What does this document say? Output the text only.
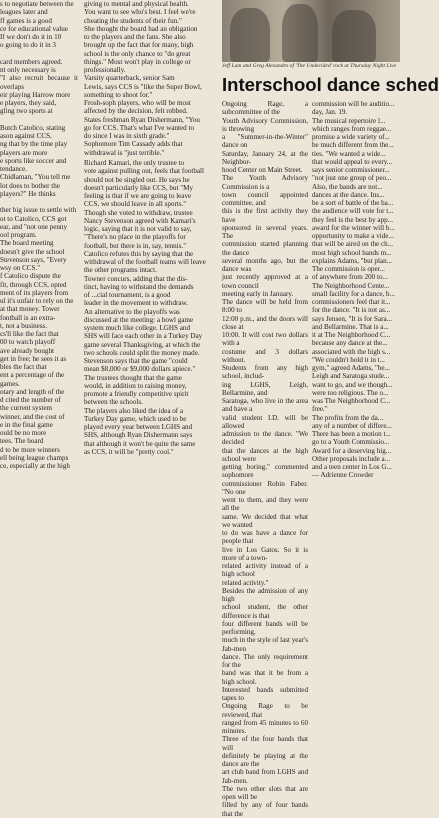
s to negotiate between the

leagues later and

ff games is a good

ce for educational value

If we don't do it in 10

o going to do it in 3

card members agreed.

nt only necessary is

"I also recruit because it overlaps

eir playing Harrow more

e players, they said,

gling two sports at

Butch Catolico, stating

ason against CCS,

ng that by the time play

players are more

e sports like soccer and

tendance.

Chidlaman, "You tell me

lot does to bother the

players?" He thinks

ther big issue to settle with

ot to Catolico, CCS got

ear, and "not one penny

ool program.

The board meeting

doesn't give the school

Stevenson says, "Every

wsy on CCS."

f Catolico dispute the

fit, through CCS, opted

ment of its players from

ul it's unfair to rely on the

at that money. Tower

fontball is an extra-

t, not a business.

cs'll like the fact that

00 to watch playoff

ave already bought

get in free; he sees it as

bles the fact that

ent a percentage of the

games.

otary and length of the

d cited the number of

the current system

winner, and the cost of

e in the final game

ould be no more

tees. The board

d to be more winners

ell being league champs

ce, especially at the high

giving to mental and physical health.

You want to see who's best. I feel we're

cheating the students of their fun."

She thought the board had an obligation

to the players and the fans. She also

brought up the fact that for many, high

school is the only chance to "do great

things." Most won't play in college or

professionally.

Varsity quarterback, senior Sam

Lewis, says CCS is "like the Super Bowl,

something to shoot for."

Frosh-soph players, who will be most

affected by the decision, felt robbed.

States freshman Ryan Dishermann, "You

go for CCS. That's what I've wanted to

do since I was in sixth grade."

Sophomore Tim Cassady adds that

withdrawal is "just terrible."

Richard Kamari, the only trustee to

vote against pulling out, feels that football

should not be singled out. He says he

doesn't particularly like CCS, but "My

feeling is that if we are going to leave

CCS, we should leave in all sports."

Though she voted to withdraw, trustee

Nancy Stevenson agreed with Kamari's

logic, saying that it is not valid to say,

"There's no place in the playoffs for

football, but there is in, say, tennis."

Catolico refutes this by saying that the

withdrawal of the football teams will leave

the other programs intact.

Towner concurs, adding that the dis-

tinct, having to withstand the demands

of ...cial tournament, is a good

leader in the movement to withdraw.

An alternative to the playoffs was

discussed at the meeting: a bowl game

system much like college. LGHS and

SHS will face each other in a Turkey Day

game several Thanksgiving, at which the

two schools could split the money made.

Stevenson says that the game "could

mean $8,000 or $9,000 dollars apiece."

The trustees thought that the game

would, in addition to raising money,

promote a friendly competitive spirit

between the schools.

The players also liked the idea of a

Turkey Day game, which used to be

played every year between LGHS and

SHS, although Ryan Dishermann says

that although it won't be quite the same

as CCS, it will be "pretty cool."

Jeff Lam and Greg Alexandro of 'The Undecided' rock at Thursday Night Live
Interschool dance sched

Ongoing Rage, a subcommittee of the

Youth Advisory Commission, is throwing

a "Summer-in-the-Winter" dance on

Saturday, January 24, at the Neighbor-

hood Center on Main Street.

The Youth Advisory Commission is a

town council appointed committee, and

this is the first activity they have

sponsored in several years. The

commission started planning the dance

several months ago, but the dance was

just recently approved at a town council

meeting early in January.

The dance will be held from 8:00 to

12:00 p.m., and the doors will close at

10:00. It will cost two dollars with a

costume and 3 dollars without.

Students from any high school, includ-

ing LGHS, Leigh, Bellarmine, and

Saratoga, who live in the area and have a

valid student I.D. will be allowed

admission to the dance. "We decided

that the dances at the high school were

getting boring," commented sophomore

commissioner Robin Faber. "No one

went to them, and they were all the

same. We decided that what we wanted

to do was have a dance for people that

live in Los Gatos. So it is more of a town-

related activity instead of a high school

related activity."

Besides the admission of any high

school student, the other difference is that

four different bands will be performing,

much in the style of last year's Jab-men

dance. The only requirement for the

band was that it be from a high school.

Interested bands submitted tapes to

Ongoing Rage to be reviewed, that

ranged from 45 minutes to 60 minutes.

Three of the four bands that will

definitely be playing at the dance are the

art club band from LGHS and Jab-men.

The two other slots that are open will be

filled by any of four bands that the

commission will be auditio...

day, Jan. 19.

The musical repertoire l...

which ranges from reggae...

promise a wide variety of...

be much different from the...

ties. "We wanted a wide...

that would appeal to every...

says senior commissioner...

"not just one group of peo...

Also, the bands are not...

dances at the dance. Ins...

be a sort of battle of the ba...

the audience will vote for t...

they feel is the best by app...

award for the winner will b...

opportunity to make a vide...

that will be aired on the ch...

most high school bands m...

explains Adams, "but plan...

The commission is oper...

of anywhere from 200 to...

The Neighborhood Cente...

small facility for a dance, b...

commissioners feel that it...

for the dance. "It is not as...

says Jensen, "It is for Sara...

and Bellarmine. That is a...

it at The Neighborhood C...

because any dance at the...

associated with the high s...

"We couldn't hold it in t...

gym," agreed Adams, "be...

Leigh and Saratoga stude...

want to go, and we though...

were too religious. The o...

was The Neighborhood C...

free."

The profits from the da...

any of a number of differe...

There has been a motion t...

go to a Youth Commissio...

Award for a deserving hig...

Other proposals include a...

and a teen center in Los G...

— Adrienne Crowder
